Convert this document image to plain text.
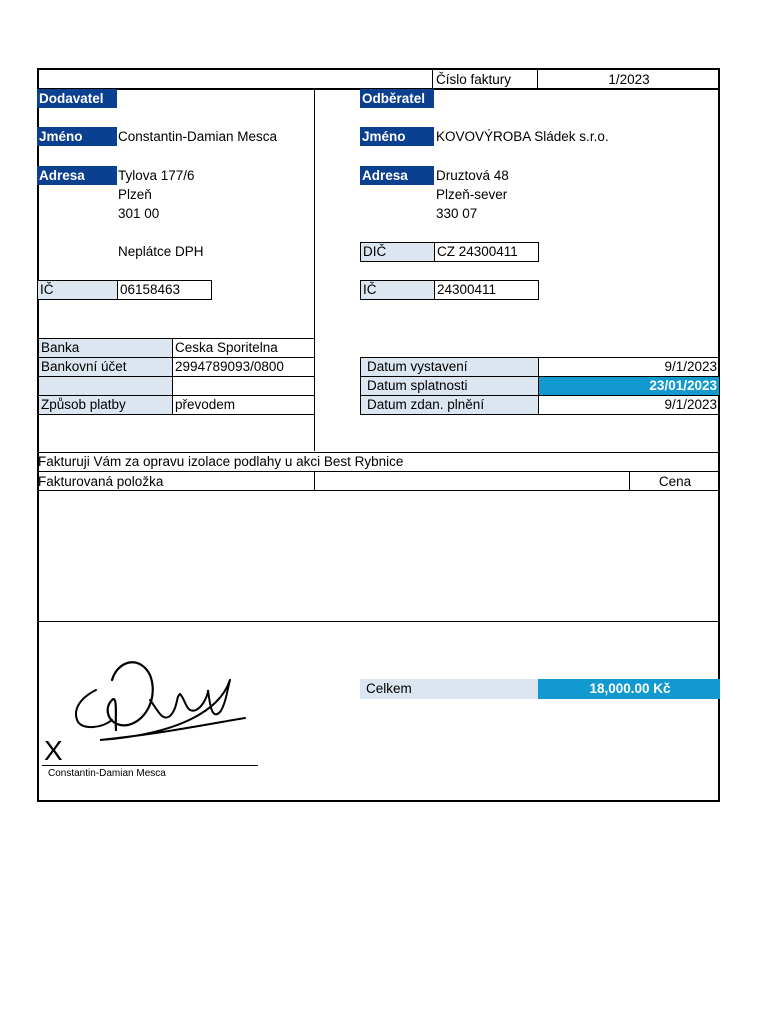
Číslo faktury	1/2023
Dodavatel
Jméno	Constantin-Damian Mesca
Adresa	Tylova 177/6
Plzeň
301 00
Neplátce DPH
IČ	06158463
Odběratel
Jméno	KOVOVÝROBA Sládek s.r.o.
Adresa	Druztová 48
Plzeň-sever
330 07
DIČ	CZ 24300411
IČ	24300411
Banka	Ceska Sporitelna
Bankovní účet	2994789093/0800
Způsob platby	převodem
Datum vystavení	9/1/2023
Datum splatnosti	23/01/2023
Datum zdan. plnění	9/1/2023
Fakturuji Vám za opravu izolace podlahy u akci Best Rybnice
Fakturovaná položka	Cena
Celkem	18,000.00 Kč
X
Constantin-Damian Mesca
